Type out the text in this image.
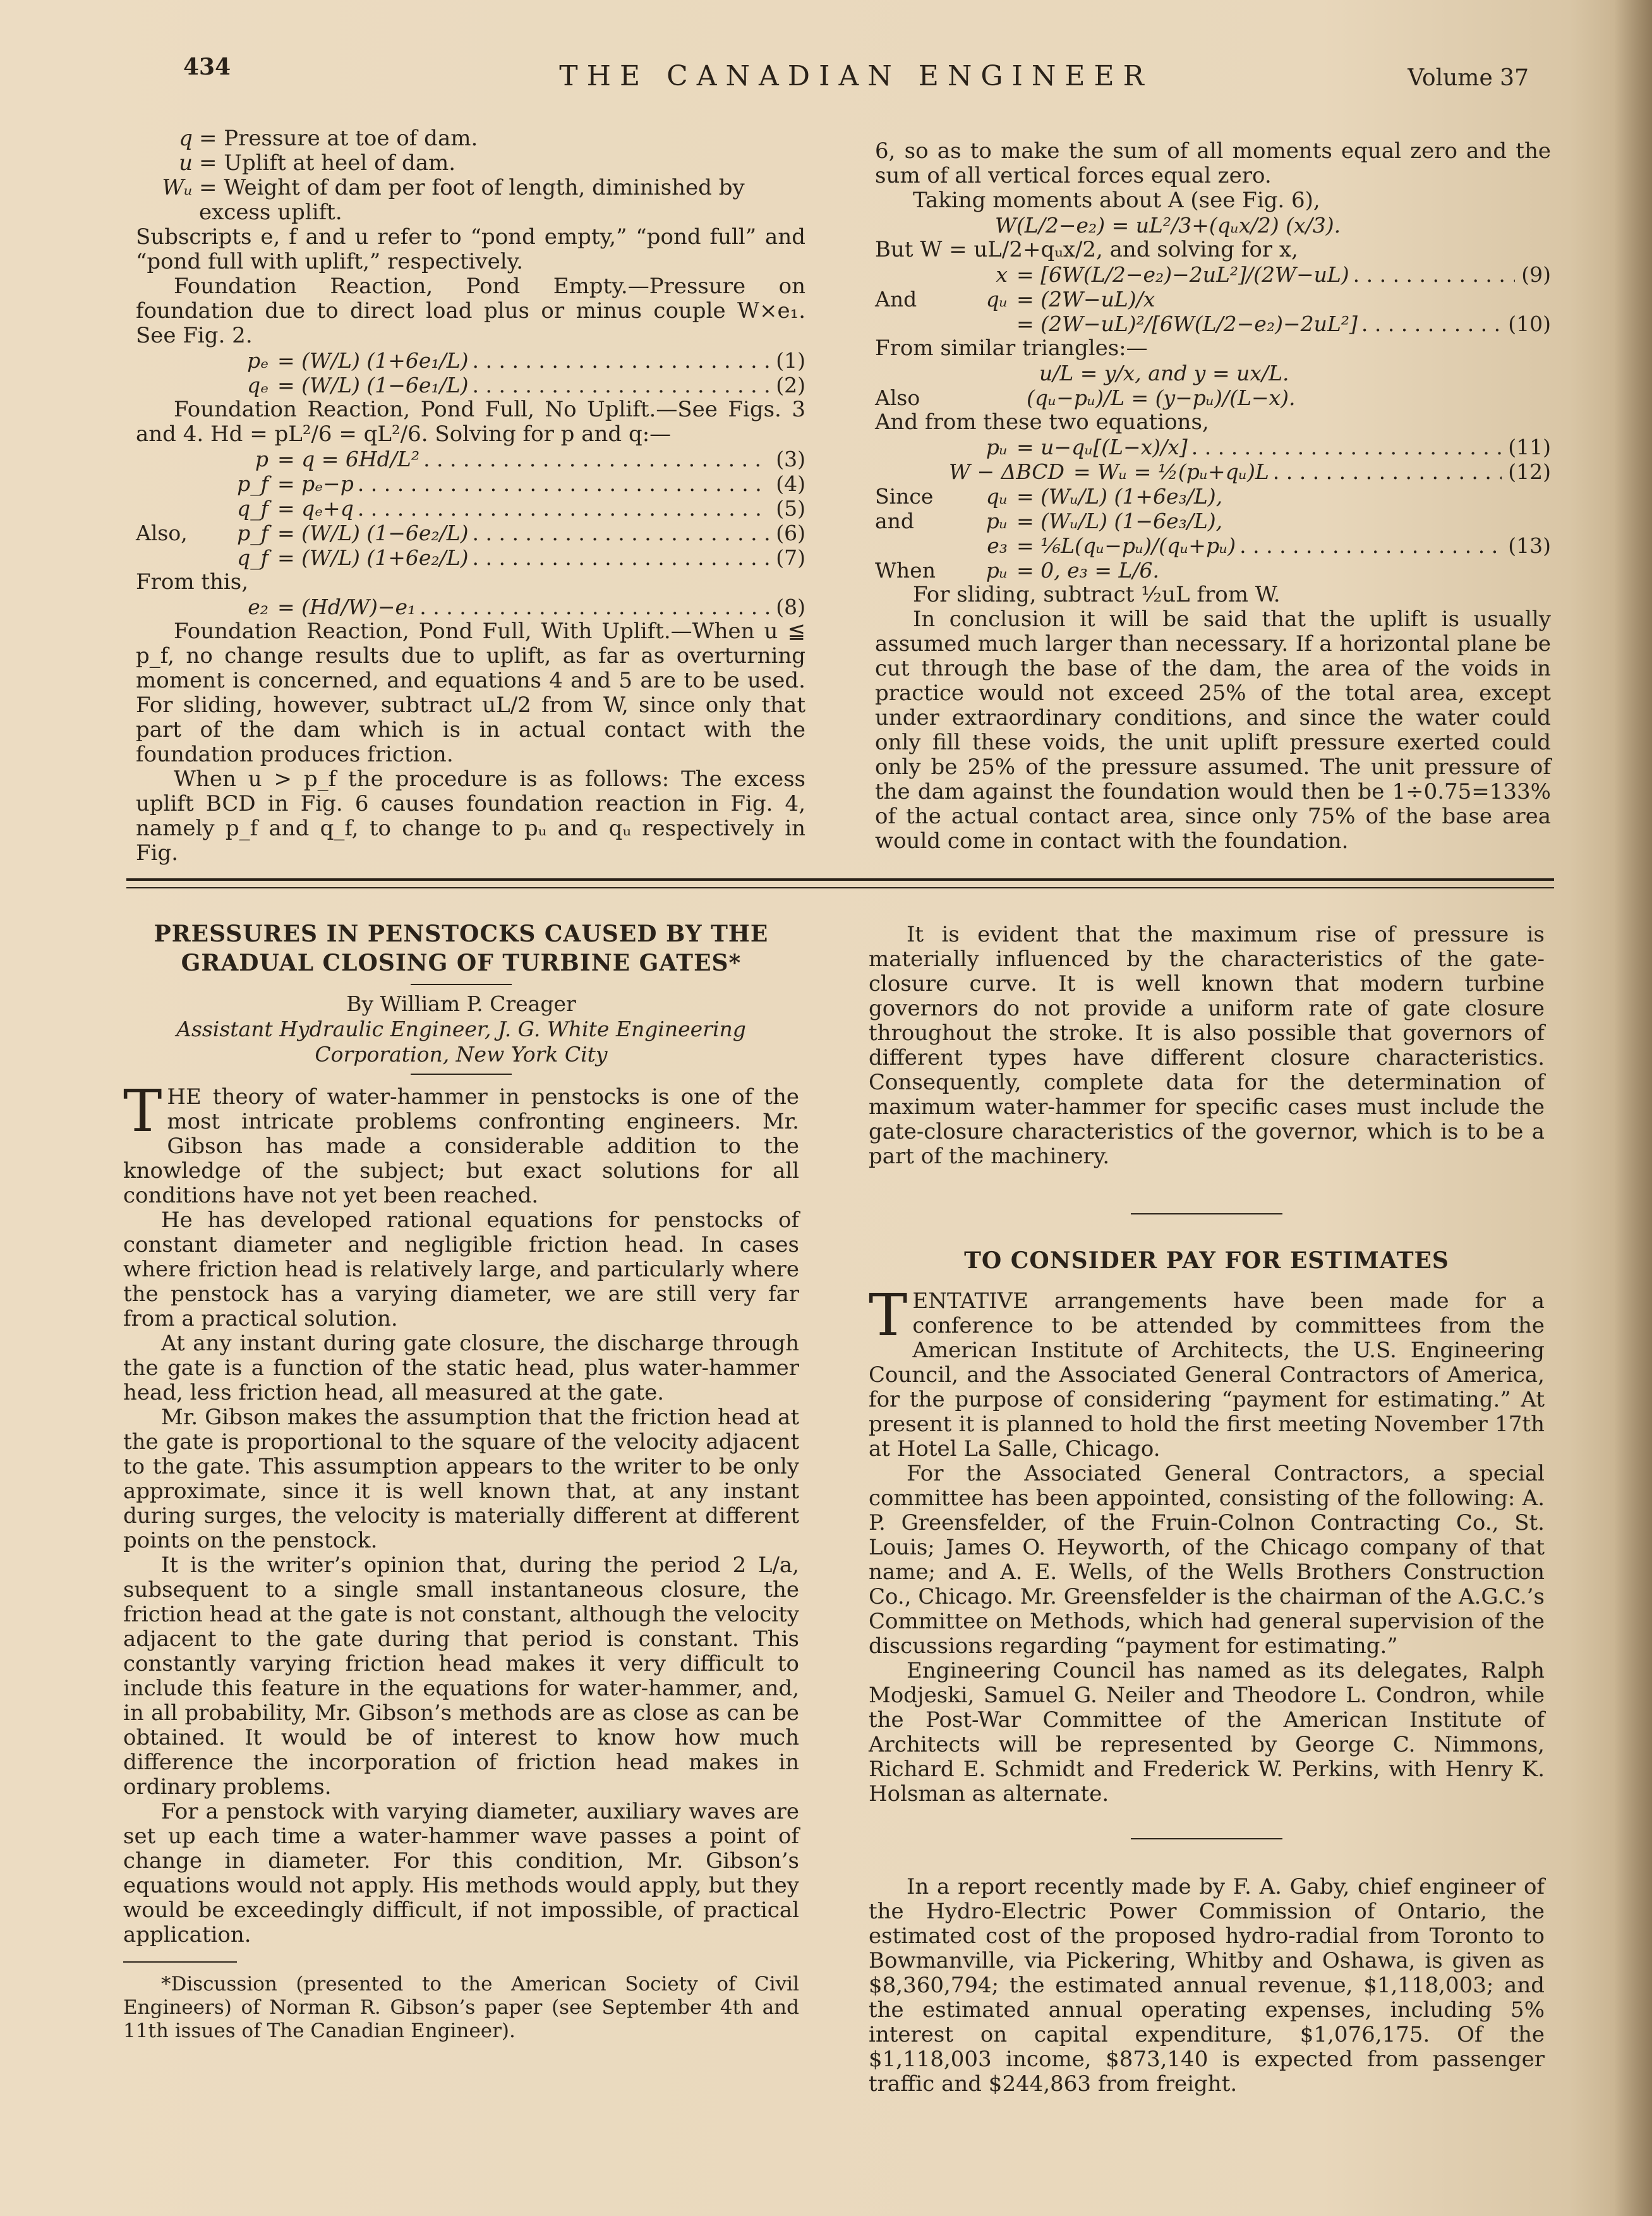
434	THE CANADIAN ENGINEER	Volume 37
q = Pressure at toe of dam.
u = Uplift at heel of dam.
Wᵤ = Weight of dam per foot of length, diminished by excess uplift.

Subscripts e, f and u refer to “pond empty,” “pond full” and “pond full with uplift,” respectively.

Foundation Reaction, Pond Empty.—Pressure on foundation due to direct load plus or minus couple W×e₁. See Fig. 2.

pₑ = (W/L) (1+6e₁/L) . . .	(1)
qₑ = (W/L) (1−6e₁/L) . . .	(2)

Foundation Reaction, Pond Full, No Uplift.—See Figs. 3 and 4. Hd = pL²/6 = qL²/6. Solving for p and q:—

p = q = 6Hd/L² . . .	(3)
p_f = pₑ−p . . .	(4)
q_f = qₑ+q . . .	(5)
Also,	p_f = (W/L) (1−6e₂/L) . . .	(6)
q_f = (W/L) (1+6e₂/L) . . .	(7)

From this,

e₂ = (Hd/W)−e₁ . . .	(8)

Foundation Reaction, Pond Full, With Uplift.—When u ≦ p_f, no change results due to uplift, as far as overturning moment is concerned, and equations 4 and 5 are to be used. For sliding, however, subtract uL/2 from W, since only that part of the dam which is in actual contact with the foundation produces friction.

When u > p_f the procedure is as follows: The excess uplift BCD in Fig. 6 causes foundation reaction in Fig. 4, namely p_f and q_f, to change to pᵤ and qᵤ respectively in Fig.

6, so as to make the sum of all moments equal zero and the sum of all vertical forces equal zero.

Taking moments about A (see Fig. 6),

W(L/2−e₂) = uL²/3+(qᵤx/2) (x/3).

But W = uL/2+qᵤx/2, and solving for x,

x = [6W(L/2−e₂)−2uL²]/(2W−uL) . . .	(9)
And	qᵤ = (2W−uL)/x
= (2W−uL)²/[6W(L/2−e₂)−2uL²] . . .	(10)

From similar triangles:—

u/L = y/x, and y = ux/L.
Also	(qᵤ−pᵤ)/L = (y−pᵤ)/(L−x).

And from these two equations,

pᵤ = u−qᵤ[(L−x)/x] . . .	(11)
W − ΔBCD = Wᵤ = ½(pᵤ+qᵤ)L . . .	(12)
Since	qᵤ = (Wᵤ/L) (1+6e₃/L),
and	pᵤ = (Wᵤ/L) (1−6e₃/L),
e₃ = ⅙L(qᵤ−pᵤ)/(qᵤ+pᵤ) . . .	(13)
When	pᵤ = 0, e₃ = L/6.

For sliding, subtract ½uL from W.

In conclusion it will be said that the uplift is usually assumed much larger than necessary. If a horizontal plane be cut through the base of the dam, the area of the voids in practice would not exceed 25% of the total area, except under extraordinary conditions, and since the water could only fill these voids, the unit uplift pressure exerted could only be 25% of the pressure assumed. The unit pressure of the dam against the foundation would then be 1÷0.75=133% of the actual contact area, since only 75% of the base area would come in contact with the foundation.

PRESSURES IN PENSTOCKS CAUSED BY THE
GRADUAL CLOSING OF TURBINE GATES*
By William P. Creager
Assistant Hydraulic Engineer, J. G. White Engineering
Corporation, New York City

THE theory of water-hammer in penstocks is one of the most intricate problems confronting engineers. Mr. Gibson has made a considerable addition to the knowledge of the subject; but exact solutions for all conditions have not yet been reached.

He has developed rational equations for penstocks of constant diameter and negligible friction head. In cases where friction head is relatively large, and particularly where the penstock has a varying diameter, we are still very far from a practical solution.

At any instant during gate closure, the discharge through the gate is a function of the static head, plus water-hammer head, less friction head, all measured at the gate.

Mr. Gibson makes the assumption that the friction head at the gate is proportional to the square of the velocity adjacent to the gate. This assumption appears to the writer to be only approximate, since it is well known that, at any instant during surges, the velocity is materially different at different points on the penstock.

It is the writer’s opinion that, during the period 2 L/a, subsequent to a single small instantaneous closure, the friction head at the gate is not constant, although the velocity adjacent to the gate during that period is constant. This constantly varying friction head makes it very difficult to include this feature in the equations for water-hammer, and, in all probability, Mr. Gibson’s methods are as close as can be obtained. It would be of interest to know how much difference the incorporation of friction head makes in ordinary problems.

For a penstock with varying diameter, auxiliary waves are set up each time a water-hammer wave passes a point of change in diameter. For this condition, Mr. Gibson’s equations would not apply. His methods would apply, but they would be exceedingly difficult, if not impossible, of practical application.

*Discussion (presented to the American Society of Civil Engineers) of Norman R. Gibson’s paper (see September 4th and 11th issues of The Canadian Engineer).

It is evident that the maximum rise of pressure is materially influenced by the characteristics of the gate-closure curve. It is well known that modern turbine governors do not provide a uniform rate of gate closure throughout the stroke. It is also possible that governors of different types have different closure characteristics. Consequently, complete data for the determination of maximum water-hammer for specific cases must include the gate-closure characteristics of the governor, which is to be a part of the machinery.

TO CONSIDER PAY FOR ESTIMATES

TENTATIVE arrangements have been made for a conference to be attended by committees from the American Institute of Architects, the U.S. Engineering Council, and the Associated General Contractors of America, for the purpose of considering “payment for estimating.” At present it is planned to hold the first meeting November 17th at Hotel La Salle, Chicago.

For the Associated General Contractors, a special committee has been appointed, consisting of the following: A. P. Greensfelder, of the Fruin-Colnon Contracting Co., St. Louis; James O. Heyworth, of the Chicago company of that name; and A. E. Wells, of the Wells Brothers Construction Co., Chicago. Mr. Greensfelder is the chairman of the A.G.C.’s Committee on Methods, which had general supervision of the discussions regarding “payment for estimating.”

Engineering Council has named as its delegates, Ralph Modjeski, Samuel G. Neiler and Theodore L. Condron, while the Post-War Committee of the American Institute of Architects will be represented by George C. Nimmons, Richard E. Schmidt and Frederick W. Perkins, with Henry K. Holsman as alternate.

In a report recently made by F. A. Gaby, chief engineer of the Hydro-Electric Power Commission of Ontario, the estimated cost of the proposed hydro-radial from Toronto to Bowmanville, via Pickering, Whitby and Oshawa, is given as $8,360,794; the estimated annual revenue, $1,118,003; and the estimated annual operating expenses, including 5% interest on capital expenditure, $1,076,175. Of the $1,118,003 income, $873,140 is expected from passenger traffic and $244,863 from freight.
